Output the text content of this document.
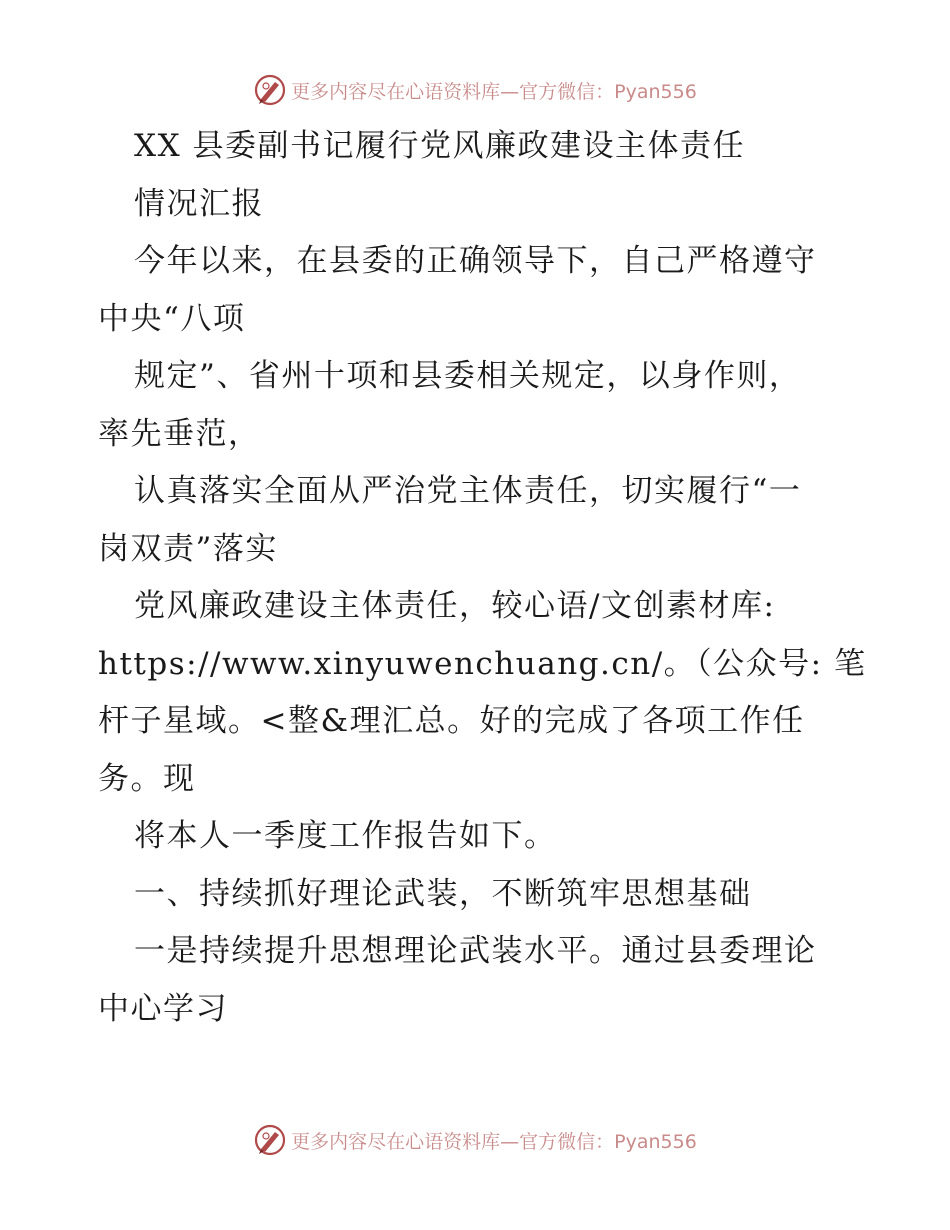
更多内容尽在心语资料库—官方微信：Pyan556
XX 县委副书记履行党风廉政建设主体责任
情况汇报
今年以来，在县委的正确领导下，自己严格遵守
中央“八项
规定”、省州十项和县委相关规定，以身作则，
率先垂范，
认真落实全面从严治党主体责任，切实履行“一
岗双责”落实
党风廉政建设主体责任，较心语/文创素材库:
https://www.xinyuwenchuang.cn/。（公众号: 笔
杆子星域。<整&理汇总。好的完成了各项工作任
务。现
将本人一季度工作报告如下。
一、持续抓好理论武装，不断筑牢思想基础
一是持续提升思想理论武装水平。通过县委理论
中心学习
更多内容尽在心语资料库—官方微信：Pyan556
